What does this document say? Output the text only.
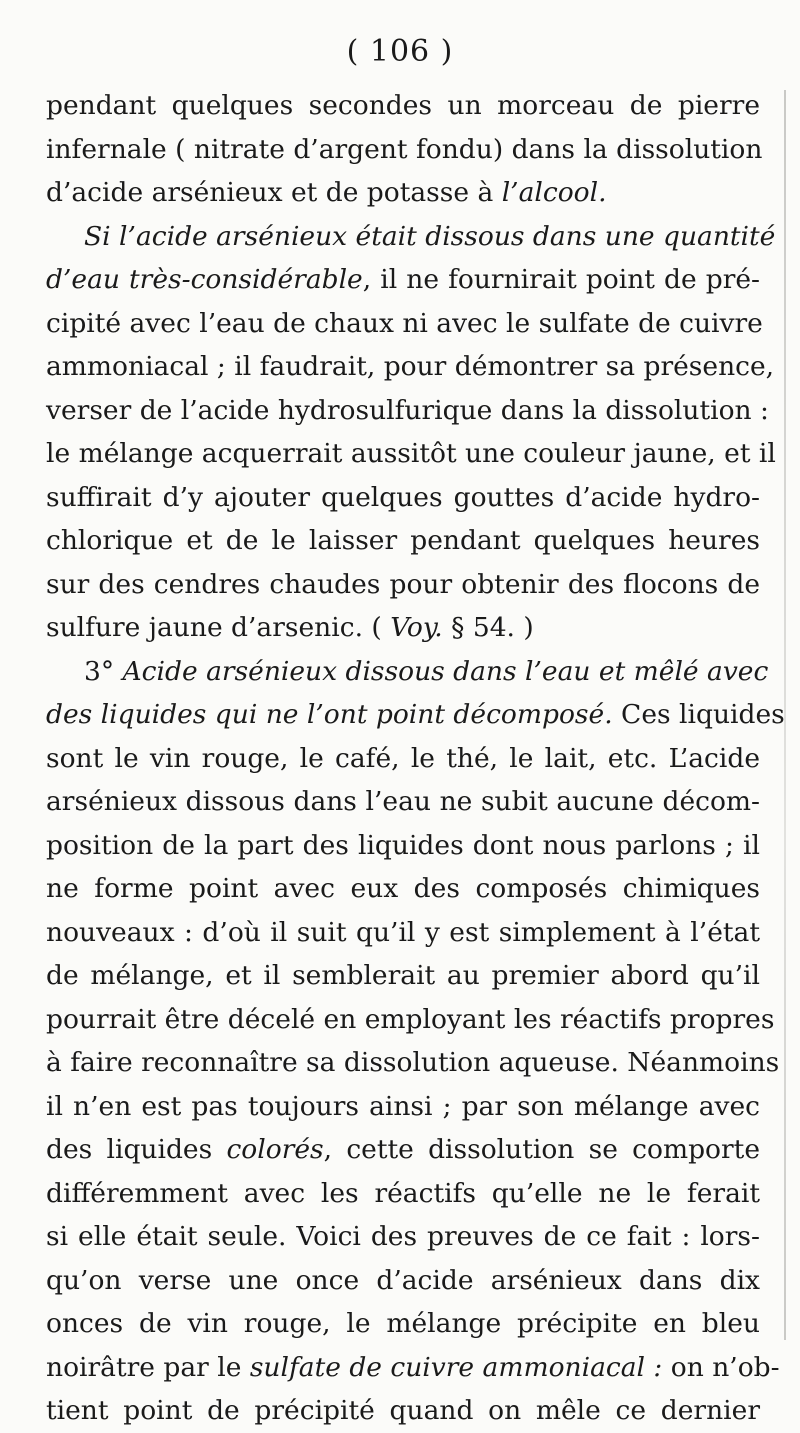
( 106 )
pendant quelques secondes un morceau de pierre
infernale ( nitrate d’argent fondu) dans la dissolution
d’acide arsénieux et de potasse à l’alcool.
Si l’acide arsénieux était dissous dans une quantité
d’eau très-considérable, il ne fournirait point de pré-
cipité avec l’eau de chaux ni avec le sulfate de cuivre
ammoniacal ; il faudrait, pour démontrer sa présence,
verser de l’acide hydrosulfurique dans la dissolution :
le mélange acquerrait aussitôt une couleur jaune, et il
suffirait d’y ajouter quelques gouttes d’acide hydro-
chlorique et de le laisser pendant quelques heures
sur des cendres chaudes pour obtenir des flocons de
sulfure jaune d’arsenic. ( Voy. § 54. )
3° Acide arsénieux dissous dans l’eau et mêlé avec
des liquides qui ne l’ont point décomposé. Ces liquides
sont le vin rouge, le café, le thé, le lait, etc. L’acide
arsénieux dissous dans l’eau ne subit aucune décom-
position de la part des liquides dont nous parlons ; il
ne forme point avec eux des composés chimiques
nouveaux : d’où il suit qu’il y est simplement à l’état
de mélange, et il semblerait au premier abord qu’il
pourrait être décelé en employant les réactifs propres
à faire reconnaître sa dissolution aqueuse. Néanmoins
il n’en est pas toujours ainsi ; par son mélange avec
des liquides colorés, cette dissolution se comporte
différemment avec les réactifs qu’elle ne le ferait
si elle était seule. Voici des preuves de ce fait : lors-
qu’on verse une once d’acide arsénieux dans dix
onces de vin rouge, le mélange précipite en bleu
noirâtre par le sulfate de cuivre ammoniacal : on n’ob-
tient point de précipité quand on mêle ce dernier
